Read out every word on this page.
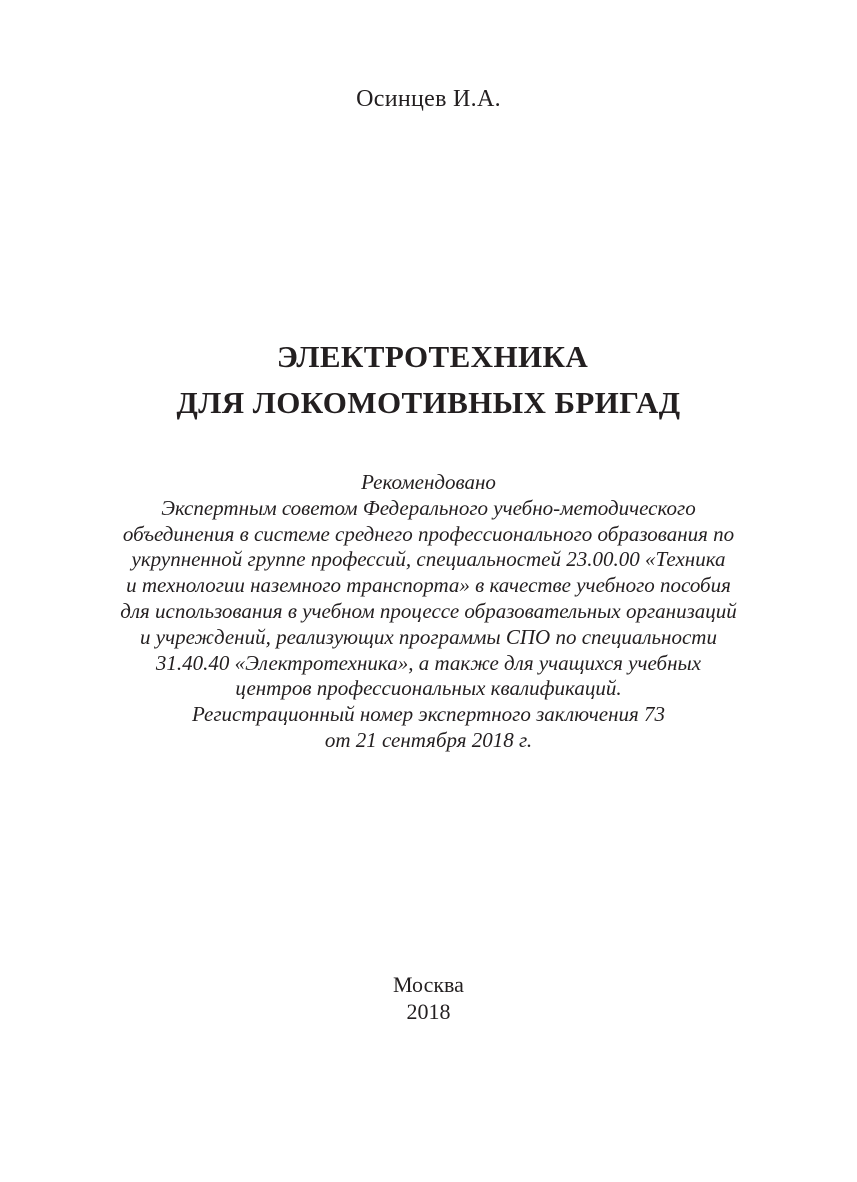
Осинцев И.А.
ЭЛЕКТРОТЕХНИКА
ДЛЯ ЛОКОМОТИВНЫХ БРИГАД
Рекомендовано
Экспертным советом Федерального учебно-методического
объединения в системе среднего профессионального образования по
укрупненной группе профессий, специальностей 23.00.00 «Техника
и технологии наземного транспорта» в качестве учебного пособия
для использования в учебном процессе образовательных организаций
и учреждений, реализующих программы СПО по специальности
31.40.40 «Электротехника», а также для учащихся учебных
центров профессиональных квалификаций.
Регистрационный номер экспертного заключения 73
от 21 сентября 2018 г.
Москва
2018
